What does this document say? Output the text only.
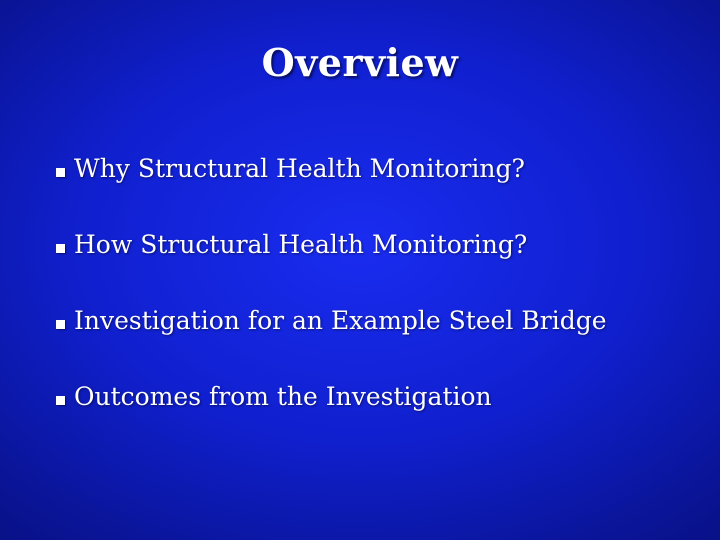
Overview
Why Structural Health Monitoring?
How Structural Health Monitoring?
Investigation for an Example Steel Bridge
Outcomes from the Investigation
